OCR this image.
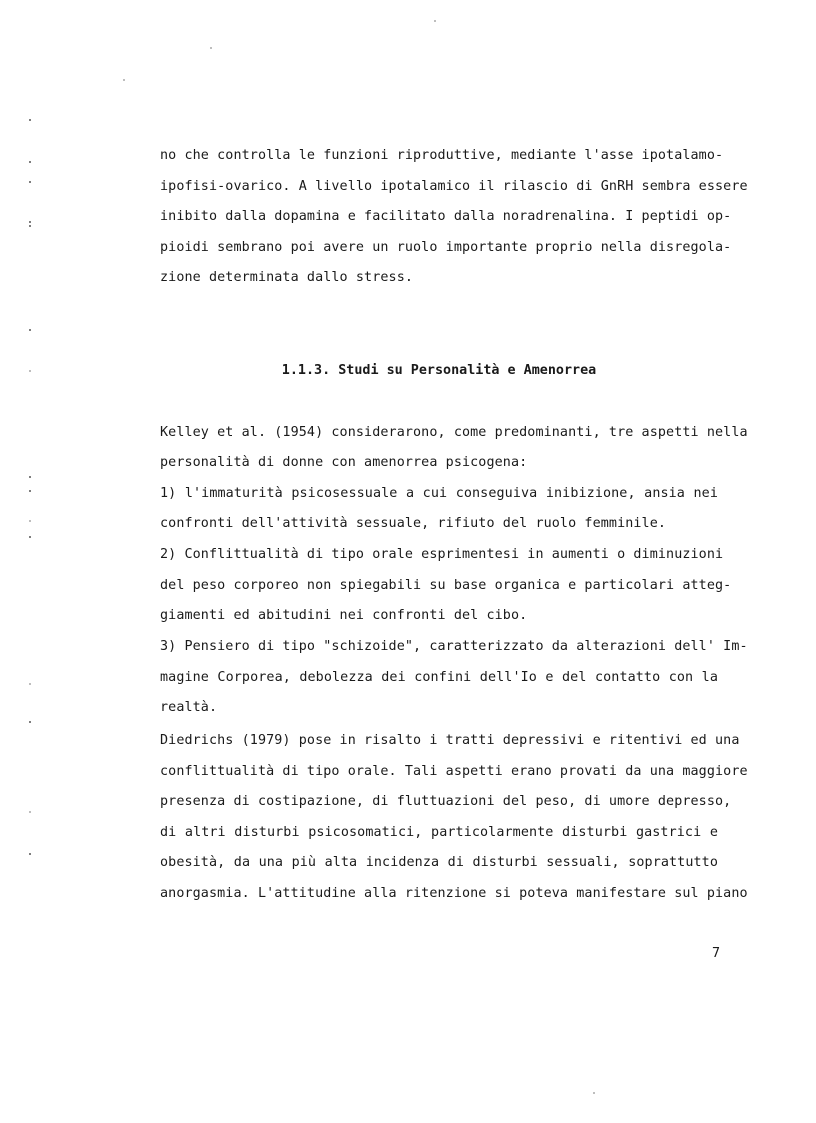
no che controlla le funzioni riproduttive, mediante l'asse ipotalamo-
ipofisi-ovarico. A livello ipotalamico il rilascio di GnRH sembra essere
inibito dalla dopamina e facilitato dalla noradrenalina. I peptidi op-
pioidi sembrano poi avere un ruolo importante proprio nella disregola-
zione determinata dallo stress.
1.1.3. Studi su Personalità e Amenorrea
Kelley et al. (1954) considerarono, come predominanti, tre aspetti nella
personalità di donne con amenorrea psicogena:
1) l'immaturità psicosessuale a cui conseguiva inibizione, ansia nei
confronti dell'attività sessuale, rifiuto del ruolo femminile.
2) Conflittualità di tipo orale esprimentesi in aumenti o diminuzioni
del peso corporeo non spiegabili su base organica e particolari atteg-
giamenti ed abitudini nei confronti del cibo.
3) Pensiero di tipo "schizoide", caratterizzato da alterazioni dell' Im-
magine Corporea, debolezza dei confini dell'Io e del contatto con la
realtà.
Diedrichs (1979) pose in risalto i tratti depressivi e ritentivi ed una
conflittualità di tipo orale. Tali aspetti erano provati da una maggiore
presenza di costipazione, di fluttuazioni del peso, di umore depresso,
di altri disturbi psicosomatici, particolarmente disturbi gastrici e
obesità, da una più alta incidenza di disturbi sessuali, soprattutto
anorgasmia. L'attitudine alla ritenzione si poteva manifestare sul piano
7
